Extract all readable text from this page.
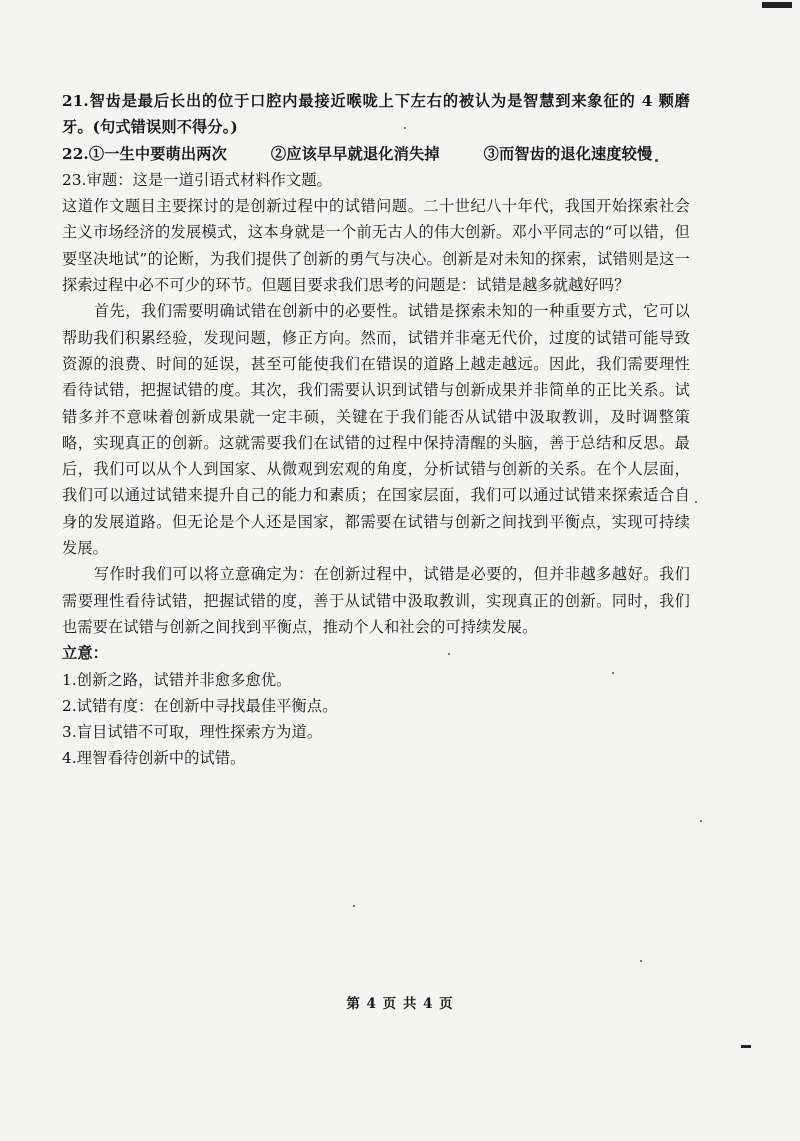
21.智齿是最后长出的位于口腔内最接近喉咙上下左右的被认为是智慧到来象征的 4 颗磨牙。(句式错误则不得分。)

22.①一生中要萌出两次	②应该早早就退化消失掉	③而智齿的退化速度较慢

23.审题：这是一道引语式材料作文题。

这道作文题目主要探讨的是创新过程中的试错问题。二十世纪八十年代，我国开始探索社会主义市场经济的发展模式，这本身就是一个前无古人的伟大创新。邓小平同志的“可以错，但要坚决地试”的论断，为我们提供了创新的勇气与决心。创新是对未知的探索，试错则是这一探索过程中必不可少的环节。但题目要求我们思考的问题是：试错是越多就越好吗？

首先，我们需要明确试错在创新中的必要性。试错是探索未知的一种重要方式，它可以帮助我们积累经验，发现问题，修正方向。然而，试错并非毫无代价，过度的试错可能导致资源的浪费、时间的延误，甚至可能使我们在错误的道路上越走越远。因此，我们需要理性看待试错，把握试错的度。其次，我们需要认识到试错与创新成果并非简单的正比关系。试错多并不意味着创新成果就一定丰硕，关键在于我们能否从试错中汲取教训，及时调整策略，实现真正的创新。这就需要我们在试错的过程中保持清醒的头脑，善于总结和反思。最后，我们可以从个人到国家、从微观到宏观的角度，分析试错与创新的关系。在个人层面，我们可以通过试错来提升自己的能力和素质；在国家层面，我们可以通过试错来探索适合自身的发展道路。但无论是个人还是国家，都需要在试错与创新之间找到平衡点，实现可持续发展。

写作时我们可以将立意确定为：在创新过程中，试错是必要的，但并非越多越好。我们需要理性看待试错，把握试错的度，善于从试错中汲取教训，实现真正的创新。同时，我们也需要在试错与创新之间找到平衡点，推动个人和社会的可持续发展。

立意：

1.创新之路，试错并非愈多愈优。
2.试错有度：在创新中寻找最佳平衡点。
3.盲目试错不可取，理性探索方为道。
4.理智看待创新中的试错。
第 4 页 共 4 页
